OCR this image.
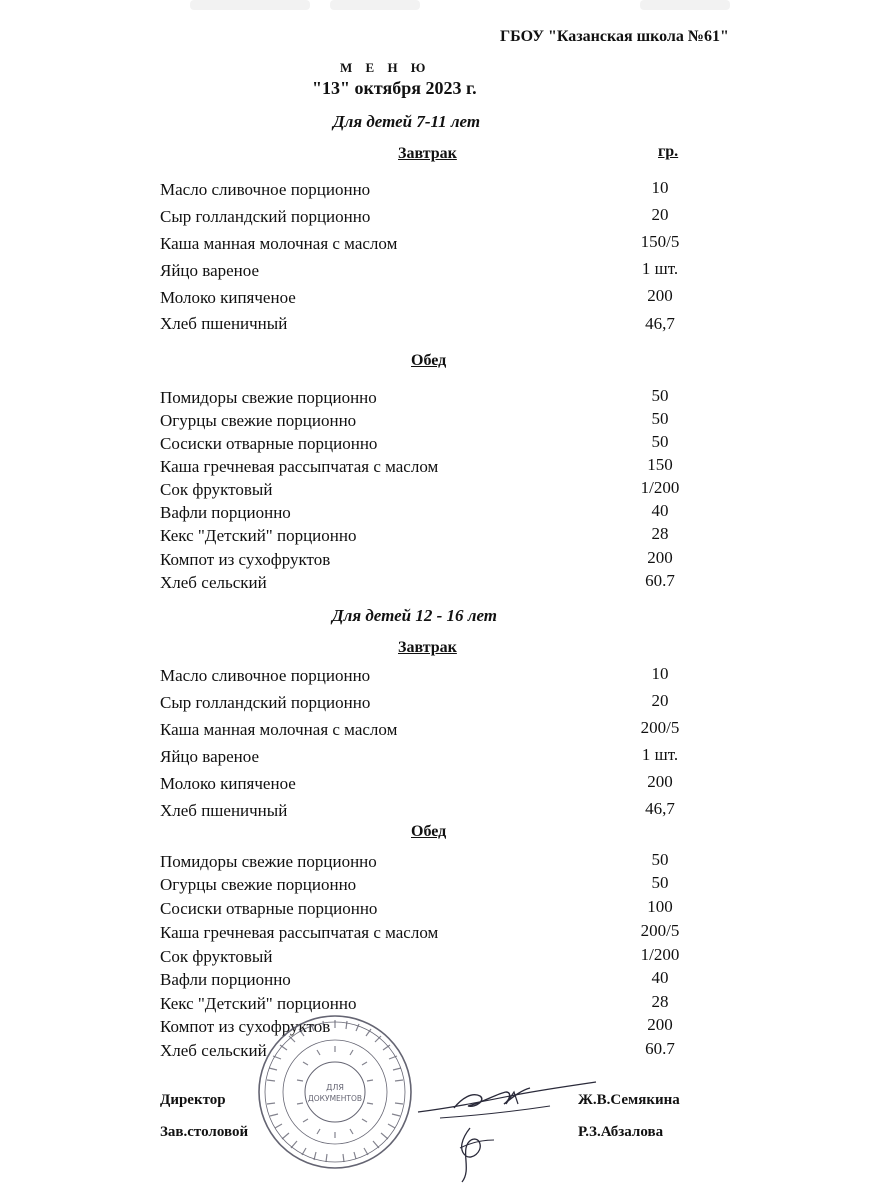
ГБОУ "Казанская школа №61"
М Е Н Ю
"13" октября 2023 г.
Для детей 7-11 лет
Завтрак	гр.
Масло сливочное порционно	10
Сыр голландский порционно	20
Каша манная молочная с маслом	150/5
Яйцо вареное	1 шт.
Молоко кипяченое	200
Хлеб пшеничный	46,7
Обед
Помидоры свежие порционно	50
Огурцы свежие порционно	50
Сосиски отварные порционно	50
Каша гречневая рассыпчатая с маслом	150
Сок фруктовый	1/200
Вафли порционно	40
Кекс "Детский" порционно	28
Компот из сухофруктов	200
Хлеб сельский	60.7
Для детей 12 - 16 лет
Завтрак
Масло сливочное порционно	10
Сыр голландский порционно	20
Каша манная молочная с маслом	200/5
Яйцо вареное	1 шт.
Молоко кипяченое	200
Хлеб пшеничный	46,7
Обед
Помидоры свежие порционно	50
Огурцы свежие порционно	50
Сосиски отварные порционно	100
Каша гречневая рассыпчатая с маслом	200/5
Сок фруктовый	1/200
Вафли порционно	40
Кекс "Детский" порционно	28
Компот из сухофруктов	200
Хлеб сельский	60.7
Директор	Ж.В.Семякина
Зав.столовой	Р.З.Абзалова
ДЛЯ
ДОКУМЕНТОВ
